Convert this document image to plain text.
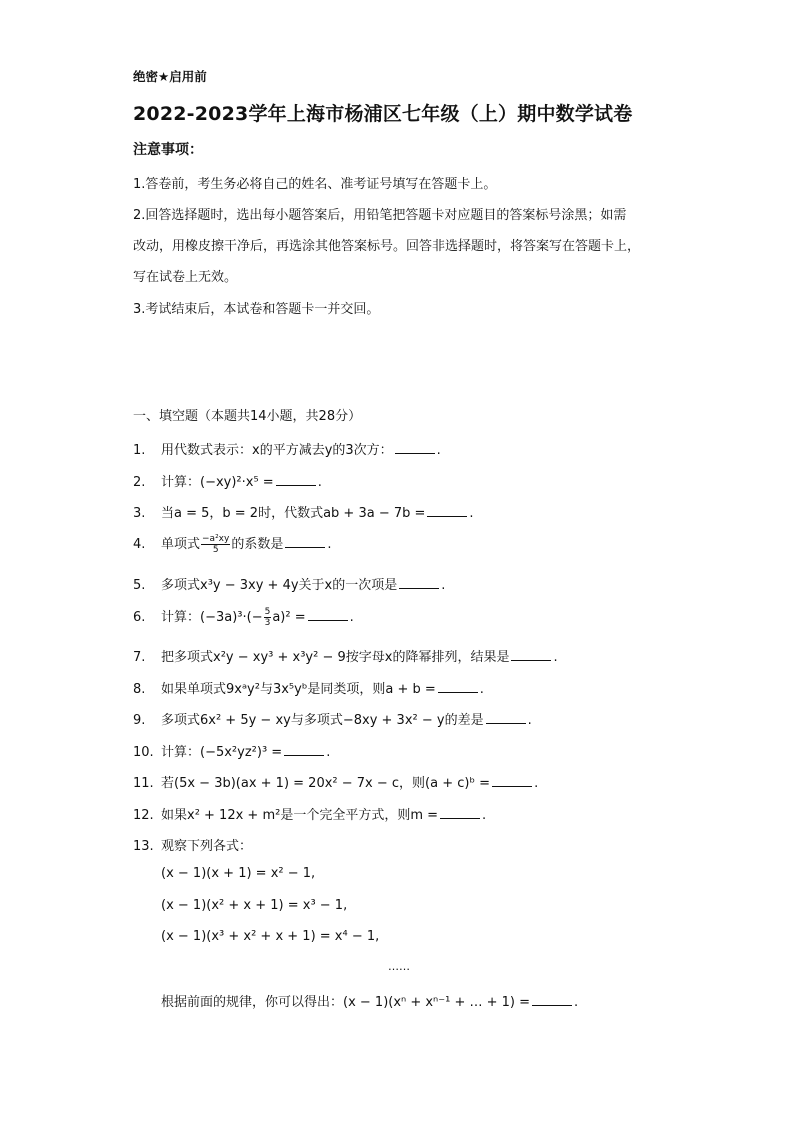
绝密★启用前
2022-2023学年上海市杨浦区七年级（上）期中数学试卷
注意事项：
1.答卷前，考生务必将自己的姓名、准考证号填写在答题卡上。
2.回答选择题时，选出每小题答案后，用铅笔把答题卡对应题目的答案标号涂黑；如需
改动，用橡皮擦干净后，再选涂其他答案标号。回答非选择题时，将答案写在答题卡上，
写在试卷上无效。
3.考试结束后，本试卷和答题卡一并交回。
一、填空题（本题共14小题，共28分）
1. 用代数式表示：x的平方减去y的3次方：	.
2. 计算：(−xy)²·x⁵ =	.
3. 当a = 5，b = 2时，代数式ab + 3a − 7b =	.
4. 单项式 $\frac{\text{−a²xy}}{5}$ 的系数是	.
5. 多项式x³y − 3xy + 4y关于x的一次项是	.
6. 计算：$(-3a)^3\cdot(- \frac{5}{3} a)^2$ =	.
7. 把多项式x²y − xy³ + x³y² − 9按字母x的降幂排列，结果是	.
8. 如果单项式9xᵃy²与3x⁵yᵇ是同类项，则a + b =	.
9. 多项式6x² + 5y − xy与多项式−8xy + 3x² − y的差是	.
10. 计算：(−5x²yz²)³ =	.
11. 若(5x − 3b)(ax + 1) = 20x² − 7x − c，则(a + c)ᵇ =	.
12. 如果x² + 12x + m²是一个完全平方式，则m =	.
13. 观察下列各式：
(x − 1)(x + 1) = x² − 1,
(x − 1)(x² + x + 1) = x³ − 1,
(x − 1)(x³ + x² + x + 1) = x⁴ − 1,
……
根据前面的规律，你可以得出：(x − 1)(xⁿ + xⁿ⁻¹ + … + 1) =	.
